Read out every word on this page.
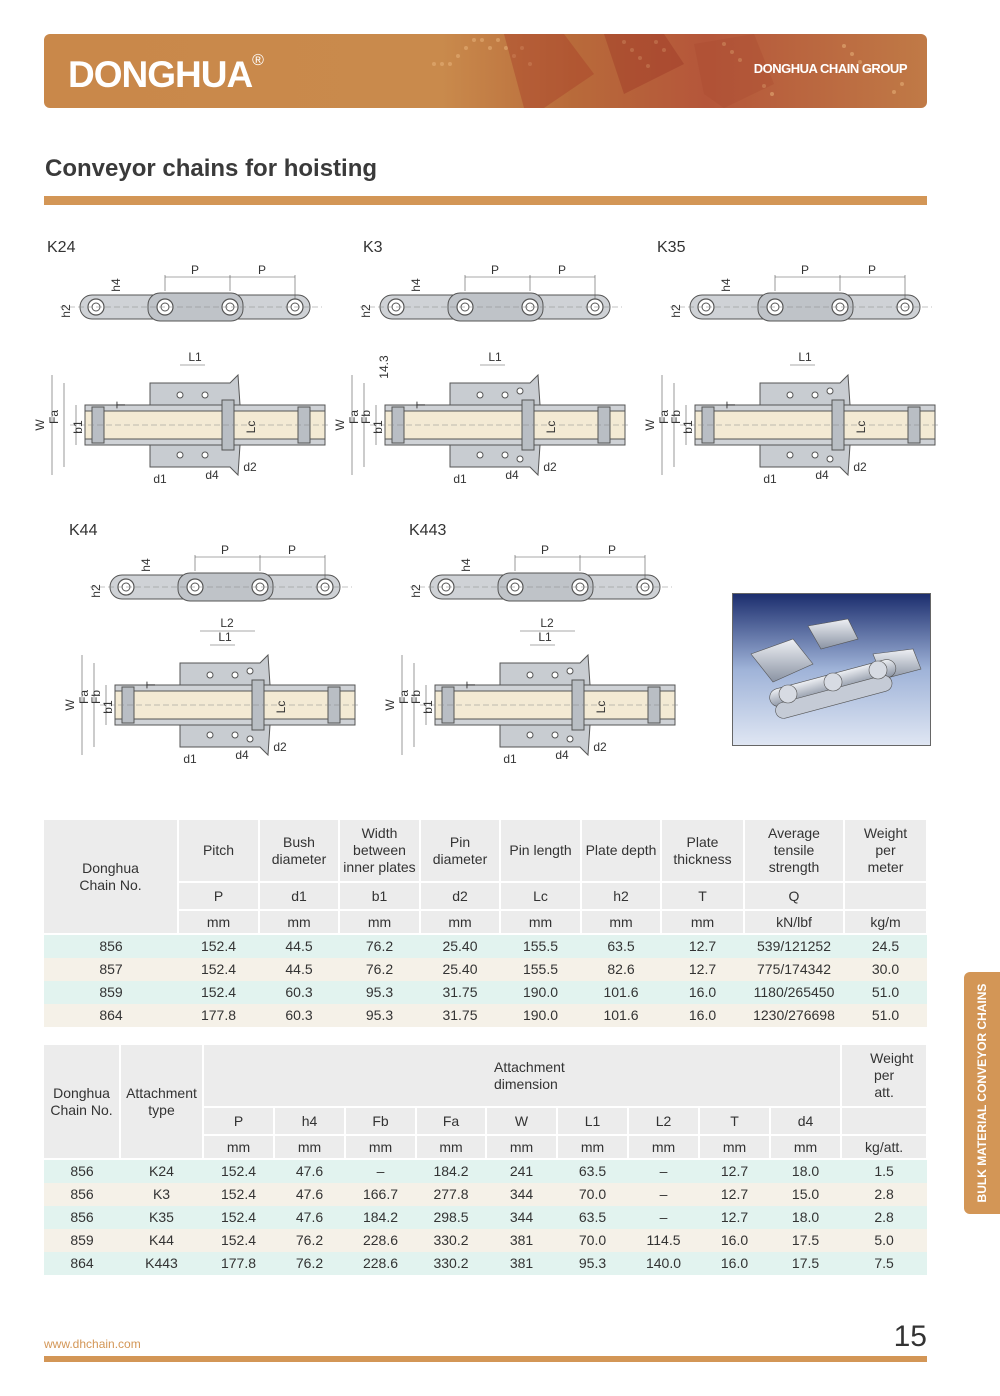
DONGHUA®	DONGHUA CHAIN GROUP
Conveyor chains for hoisting
K24	K3	K35
K44	K443
P	P
h2
h4
W
Fa
b1
T
L1
Lc
d1	d4
d2
P	P
h2
h4
W
Fa
Fb
b1
T
L1
Lc
d1	d4
d2
14.3
P	P
h2
h4
W
Fa
Fb
b1
T
L1
Lc
d1	d4
d2
P	P
h2
h4
W
Fa
Fb
b1
T
L1
L2
Lc
d1	d4
d2
P	P
h2
h4
W
Fa
Fb
b1
T
L1
L2
Lc
d1	d4
d2
Donghua Chain No.	Pitch	Bush diameter	Width between inner plates	Pin diameter	Pin length	Plate depth	Plate thickness	Average tensile strength	Weight per meter
	P	d1	b1	d2	Lc	h2	T	Q	
	mm	mm	mm	mm	mm	mm	mm	kN/lbf	kg/m
856	152.4	44.5	76.2	25.40	155.5	63.5	12.7	539/121252	24.5
857	152.4	44.5	76.2	25.40	155.5	82.6	12.7	775/174342	30.0
859	152.4	60.3	95.3	31.75	190.0	101.6	16.0	1180/265450	51.0
864	177.8	60.3	95.3	31.75	190.0	101.6	16.0	1230/276698	51.0
Donghua Chain No.	Attachment type	Attachment dimension									Weight per att.
		P	h4	Fb	Fa	W	L1	L2	T	d4	
		mm	mm	mm	mm	mm	mm	mm	mm	mm	kg/att.
856	K24	152.4	47.6	–	184.2	241	63.5	–	12.7	18.0	1.5
856	K3	152.4	47.6	166.7	277.8	344	70.0	–	12.7	15.0	2.8
856	K35	152.4	47.6	184.2	298.5	344	63.5	–	12.7	18.0	2.8
859	K44	152.4	76.2	228.6	330.2	381	70.0	114.5	16.0	17.5	5.0
864	K443	177.8	76.2	228.6	330.2	381	95.3	140.0	16.0	17.5	7.5
BULK MATERIAL CONVEYOR CHAINS
www.dhchain.com	15
